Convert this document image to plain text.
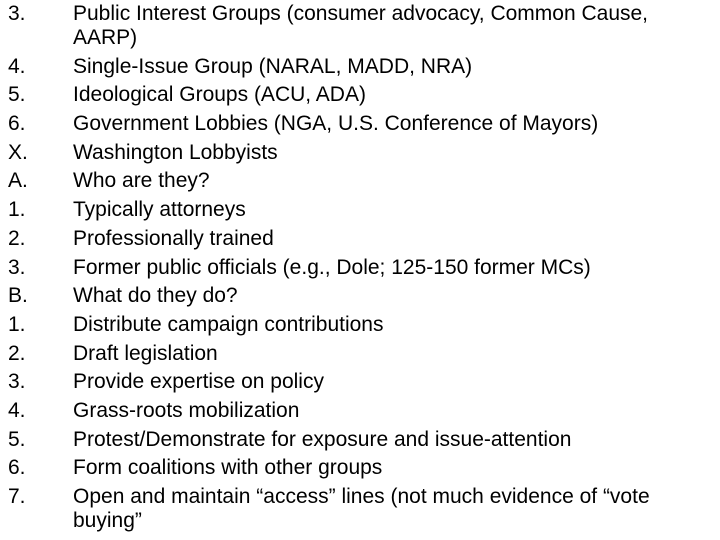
3.	Public Interest Groups (consumer advocacy, Common Cause, AARP)
4.	Single-Issue Group (NARAL, MADD, NRA)
5.	Ideological Groups (ACU, ADA)
6.	Government Lobbies (NGA, U.S. Conference of Mayors)
X.	Washington Lobbyists
A.	Who are they?
1.	Typically attorneys
2.	Professionally trained
3.	Former public officials (e.g., Dole; 125-150 former MCs)
B.	What do they do?
1.	Distribute campaign contributions
2.	Draft legislation
3.	Provide expertise on policy
4.	Grass-roots mobilization
5.	Protest/Demonstrate for exposure and issue-attention
6.	Form coalitions with other groups
7.	Open and maintain “access” lines (not much evidence of “vote buying”
